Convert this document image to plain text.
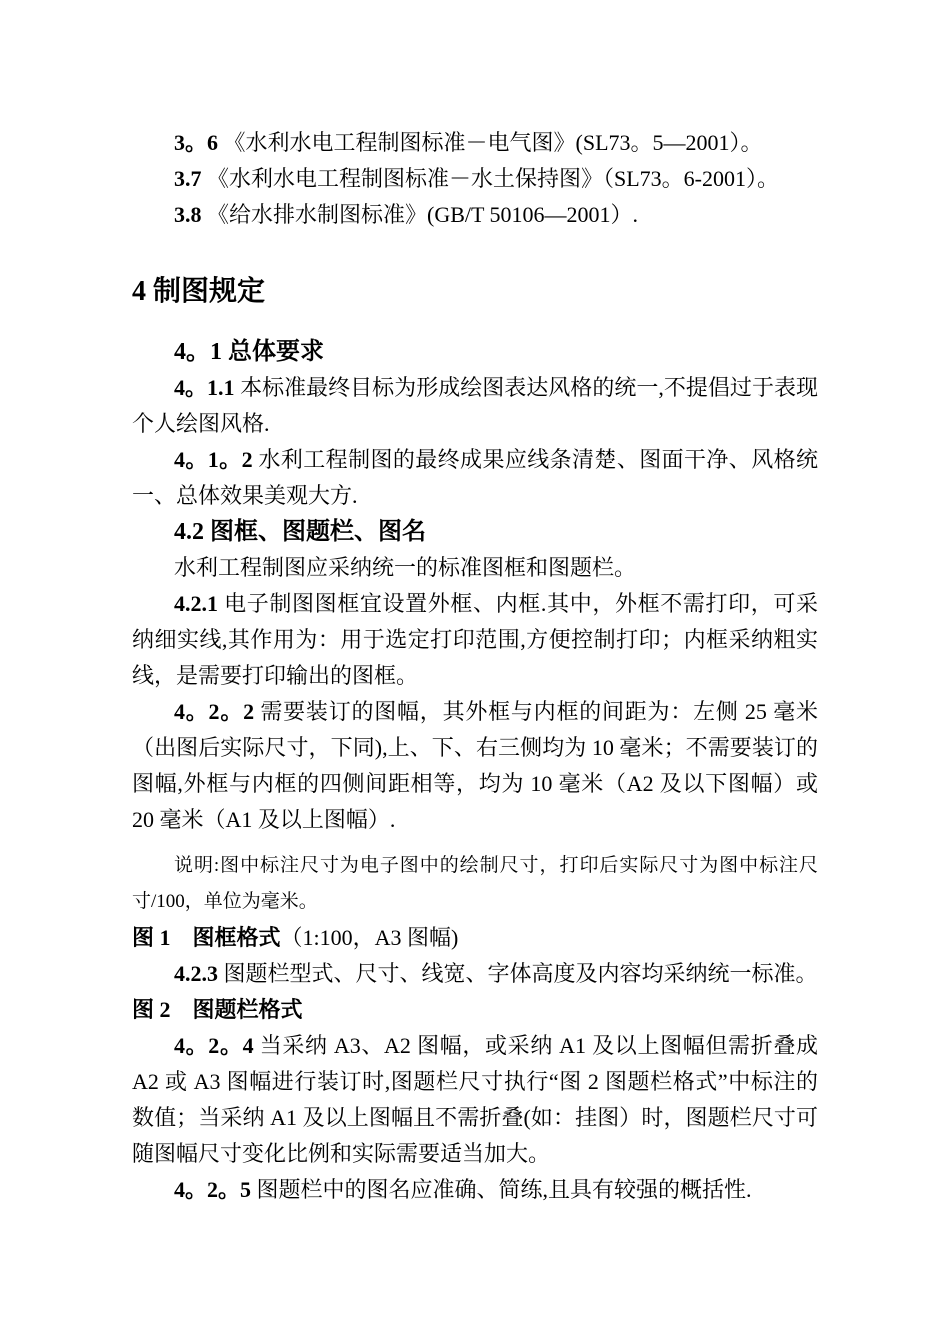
3。6 《水利水电工程制图标准－电气图》(SL73。5—2001）。

3.7 《水利水电工程制图标准－水土保持图》（SL73。6-2001）。

3.8 《给水排水制图标准》(GB/T 50106—2001）.

4 制图规定

4。1 总体要求

4。1.1 本标准最终目标为形成绘图表达风格的统一,不提倡过于表现个人绘图风格.

4。1。2 水利工程制图的最终成果应线条清楚、图面干净、风格统一、总体效果美观大方.

4.2 图框、图题栏、图名

水利工程制图应采纳统一的标准图框和图题栏。

4.2.1 电子制图图框宜设置外框、内框.其中，外框不需打印，可采纳细实线,其作用为：用于选定打印范围,方便控制打印；内框采纳粗实线，是需要打印输出的图框。

4。2。2 需要装订的图幅，其外框与内框的间距为：左侧 25 毫米（出图后实际尺寸，下同),上、下、右三侧均为 10 毫米；不需要装订的图幅,外框与内框的四侧间距相等，均为 10 毫米（A2 及以下图幅）或 20 毫米（A1 及以上图幅）.

说明:图中标注尺寸为电子图中的绘制尺寸，打印后实际尺寸为图中标注尺寸/100，单位为毫米。

图 1　图框格式（1:100，A3 图幅)

4.2.3 图题栏型式、尺寸、线宽、字体高度及内容均采纳统一标准。

图 2　图题栏格式

4。2。4 当采纳 A3、A2 图幅，或采纳 A1 及以上图幅但需折叠成 A2 或 A3 图幅进行装订时,图题栏尺寸执行“图 2 图题栏格式”中标注的数值；当采纳 A1 及以上图幅且不需折叠(如：挂图）时，图题栏尺寸可随图幅尺寸变化比例和实际需要适当加大。

4。2。5 图题栏中的图名应准确、简练,且具有较强的概括性.
